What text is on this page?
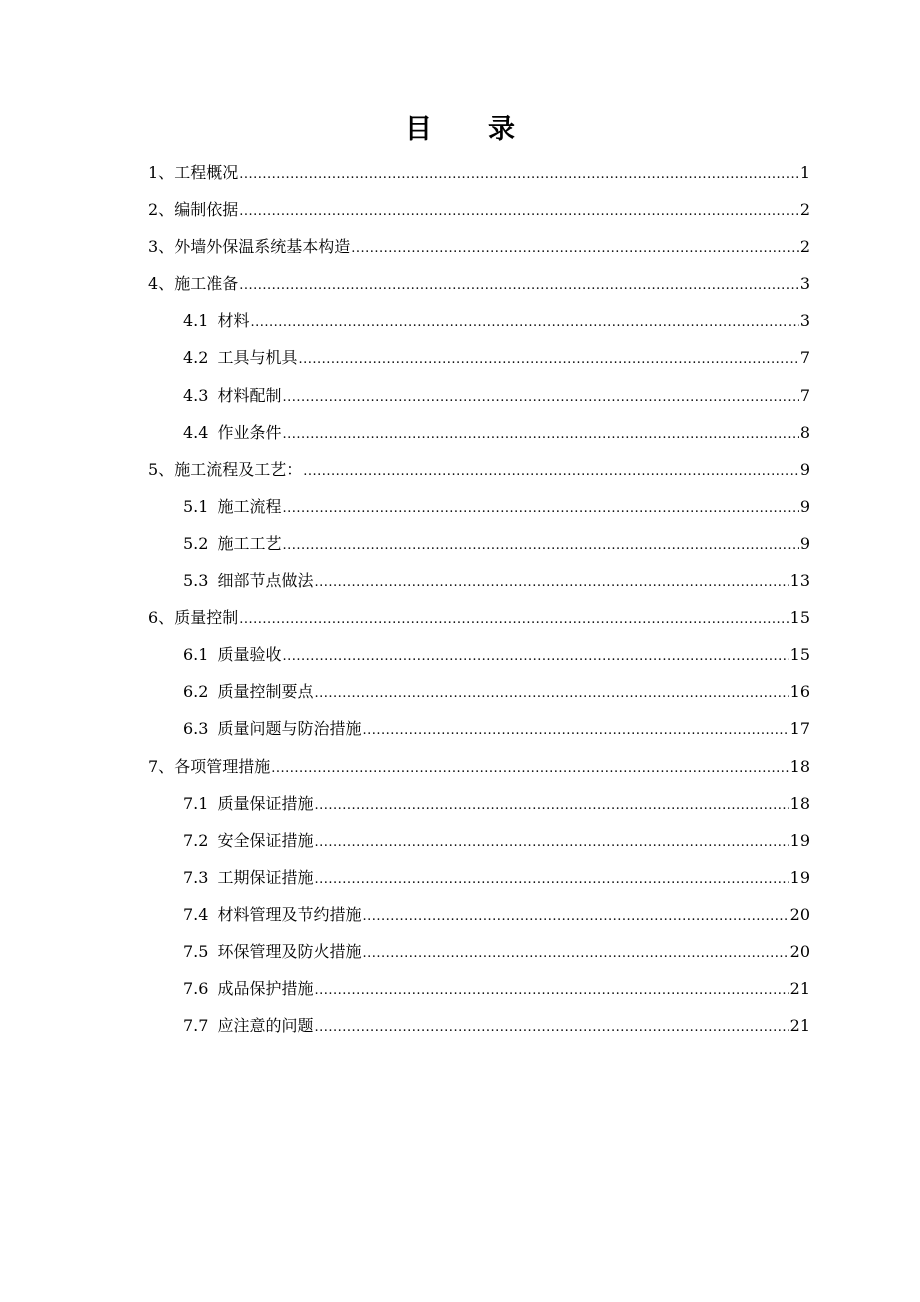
目 录
1、 工程概况 .....	1
2、 编制依据 .....	2
3、 外墙外保温系统基本构造 .....	2
4、 施工准备 .....	3
4.1 材料 .....	3
4.2 工具与机具 .....	7
4.3 材料配制 .....	7
4.4 作业条件 .....	8
5、 施工流程及工艺： .....	9
5.1 施工流程 .....	9
5.2 施工工艺 .....	9
5.3 细部节点做法 .....	13
6、 质量控制 .....	15
6.1 质量验收 .....	15
6.2 质量控制要点 .....	16
6.3 质量问题与防治措施 .....	17
7、 各项管理措施 .....	18
7.1 质量保证措施 .....	18
7.2 安全保证措施 .....	19
7.3 工期保证措施 .....	19
7.4 材料管理及节约措施 .....	20
7.5 环保管理及防火措施 .....	20
7.6 成品保护措施 .....	21
7.7 应注意的问题 .....	21
